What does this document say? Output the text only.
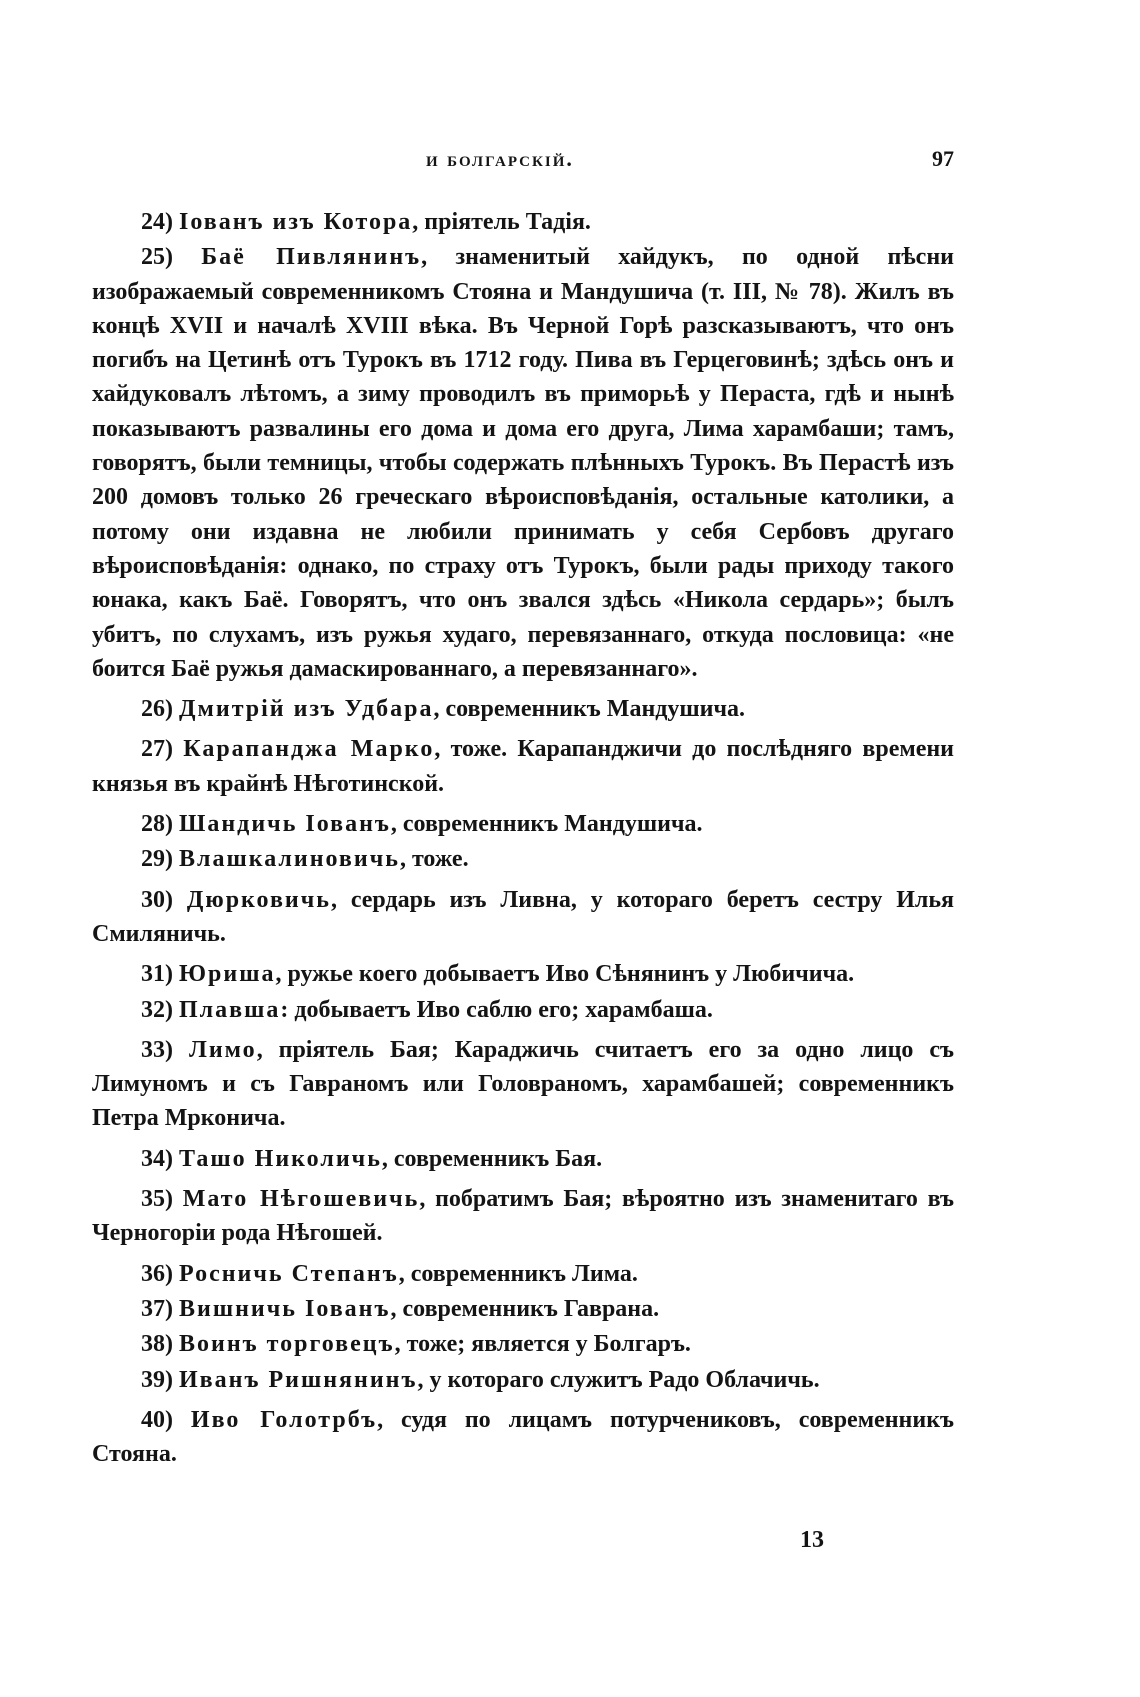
и болгарскій.	97

24) Іованъ изъ Котора, пріятель Тадія.

25) Баё Пивлянинъ, знаменитый хайдукъ, по одной пѣсни изображаемый современникомъ Стояна и Мандушича (т. III, № 78). Жилъ въ концѣ XVII и началѣ XVIII вѣка. Въ Черной Горѣ разсказываютъ, что онъ погибъ на Цетинѣ отъ Турокъ въ 1712 году. Пива въ Герцеговинѣ; здѣсь онъ и хайдуковалъ лѣтомъ, а зиму проводилъ въ приморьѣ у Пераста, гдѣ и нынѣ показываютъ развалины его дома и дома его друга, Лима харамбаши; тамъ, говорятъ, были темницы, чтобы содержать плѣнныхъ Турокъ. Въ Перастѣ изъ 200 домовъ только 26 греческаго вѣроисповѣданія, остальные католики, а потому они издавна не любили принимать у себя Сербовъ другаго вѣроисповѣданія: однако, по страху отъ Турокъ, были рады приходу такого юнака, какъ Баё. Говорятъ, что онъ звался здѣсь «Никола сердарь»; былъ убитъ, по слухамъ, изъ ружья худаго, перевязаннаго, откуда пословица: «не боится Баё ружья дамаскированнаго, а перевязаннаго».

26) Дмитрій изъ Удбара, современникъ Мандушича.

27) Карапанджа Марко, тоже. Карапанджичи до послѣдняго времени князья въ крайнѣ Нѣготинской.

28) Шандичь Іованъ, современникъ Мандушича.

29) Влашкалиновичь, тоже.

30) Дюрковичь, сердарь изъ Ливна, у котораго беретъ сестру Илья Смиляничь.

31) Юриша, ружье коего добываетъ Иво Сѣнянинъ у Любичича.

32) Плавша: добываетъ Иво саблю его; харамбаша.

33) Лимо, пріятель Бая; Караджичь считаетъ его за одно лицо съ Лимуномъ и съ Гавраномъ или Головраномъ, харамбашей; современникъ Петра Мрконича.

34) Ташо Николичь, современникъ Бая.

35) Мато Нѣгошевичь, побратимъ Бая; вѣроятно изъ знаменитаго въ Черногоріи рода Нѣгошей.

36) Росничь Степанъ, современникъ Лима.

37) Вишничь Іованъ, современникъ Гаврана.

38) Воинъ торговецъ, тоже; является у Болгаръ.

39) Иванъ Ришнянинъ, у котораго служитъ Радо Облачичь.

40) Иво Голотрбъ, судя по лицамъ потурчениковъ, современникъ Стояна.

13
